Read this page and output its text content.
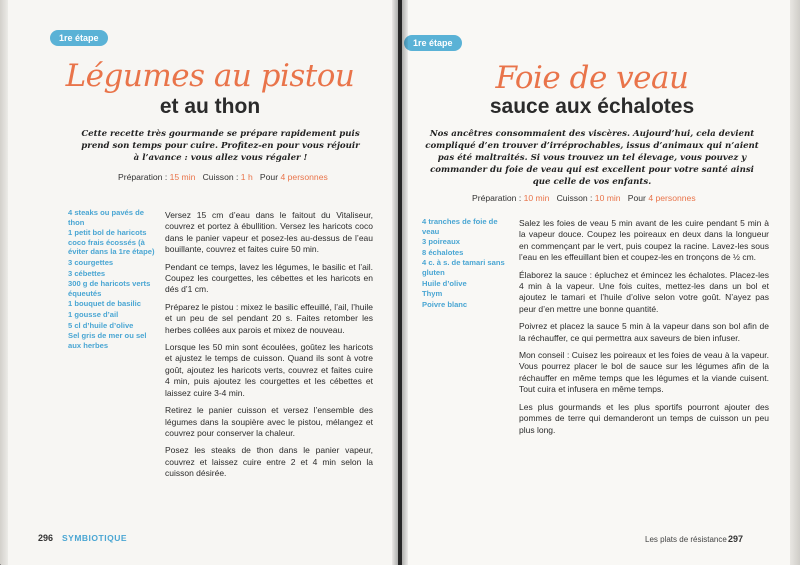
1re étape
Légumes au pistou
et au thon
Cette recette très gourmande se prépare rapidement puis prend son temps pour cuire. Profitez-en pour vous réjouir à l’avance : vous allez vous régaler !
Préparation : 15 min Cuisson : 1 h Pour 4 personnes
4 steaks ou pavés de thon
1 petit bol de haricots coco frais écossés (à éviter dans la 1re étape)
3 courgettes
3 cébettes
300 g de haricots verts équeutés
1 bouquet de basilic
1 gousse d’ail
5 cl d’huile d’olive
Sel gris de mer ou sel aux herbes

Versez 15 cm d’eau dans le faitout du Vitaliseur, couvrez et portez à ébullition. Versez les haricots coco dans le panier vapeur et posez-les au-dessus de l’eau bouillante, couvrez et faites cuire 50 min.

Pendant ce temps, lavez les légumes, le basilic et l’ail. Coupez les courgettes, les cébettes et les haricots en dés d’1 cm.

Préparez le pistou : mixez le basilic effeuillé, l’ail, l’huile et un peu de sel pendant 20 s. Faites retomber les herbes collées aux parois et mixez de nouveau.

Lorsque les 50 min sont écoulées, goûtez les haricots et ajustez le temps de cuisson. Quand ils sont à votre goût, ajoutez les haricots verts, couvrez et faites cuire 4 min, puis ajoutez les courgettes et les cébettes et laissez cuire 3-4 min.

Retirez le panier cuisson et versez l’ensemble des légumes dans la soupière avec le pistou, mélangez et couvrez pour conserver la chaleur.

Posez les steaks de thon dans le panier vapeur, couvrez et laissez cuire entre 2 et 4 min selon la cuisson désirée.

296 SYMBIOTIQUE
1re étape
Foie de veau
sauce aux échalotes
Nos ancêtres consommaient des viscères. Aujourd’hui, cela devient compliqué d’en trouver d’irréprochables, issus d’animaux qui n’aient pas été maltraités. Si vous trouvez un tel élevage, vous pouvez y commander du foie de veau qui est excellent pour votre santé ainsi que celle de vos enfants.
Préparation : 10 min Cuisson : 10 min Pour 4 personnes
4 tranches de foie de veau
3 poireaux
8 échalotes
4 c. à s. de tamari sans gluten
Huile d’olive
Thym
Poivre blanc

Salez les foies de veau 5 min avant de les cuire pendant 5 min à la vapeur douce. Coupez les poireaux en deux dans la longueur en commençant par le vert, puis coupez la racine. Lavez-les sous l’eau en les effeuillant bien et coupez-les en tronçons de ½ cm.

Élaborez la sauce : épluchez et émincez les échalotes. Placez-les 4 min à la vapeur. Une fois cuites, mettez-les dans un bol et ajoutez le tamari et l’huile d’olive selon votre goût. N’ayez pas peur d’en mettre une bonne quantité.

Poivrez et placez la sauce 5 min à la vapeur dans son bol afin de la réchauffer, ce qui permettra aux saveurs de bien infuser.

Mon conseil : Cuisez les poireaux et les foies de veau à la vapeur. Vous pourrez placer le bol de sauce sur les légumes afin de la réchauffer en même temps que les légumes et la viande cuisent. Tout cuira et infusera en même temps.

Les plus gourmands et les plus sportifs pourront ajouter des pommes de terre qui demanderont un temps de cuisson un peu plus long.

Les plats de résistance 297
